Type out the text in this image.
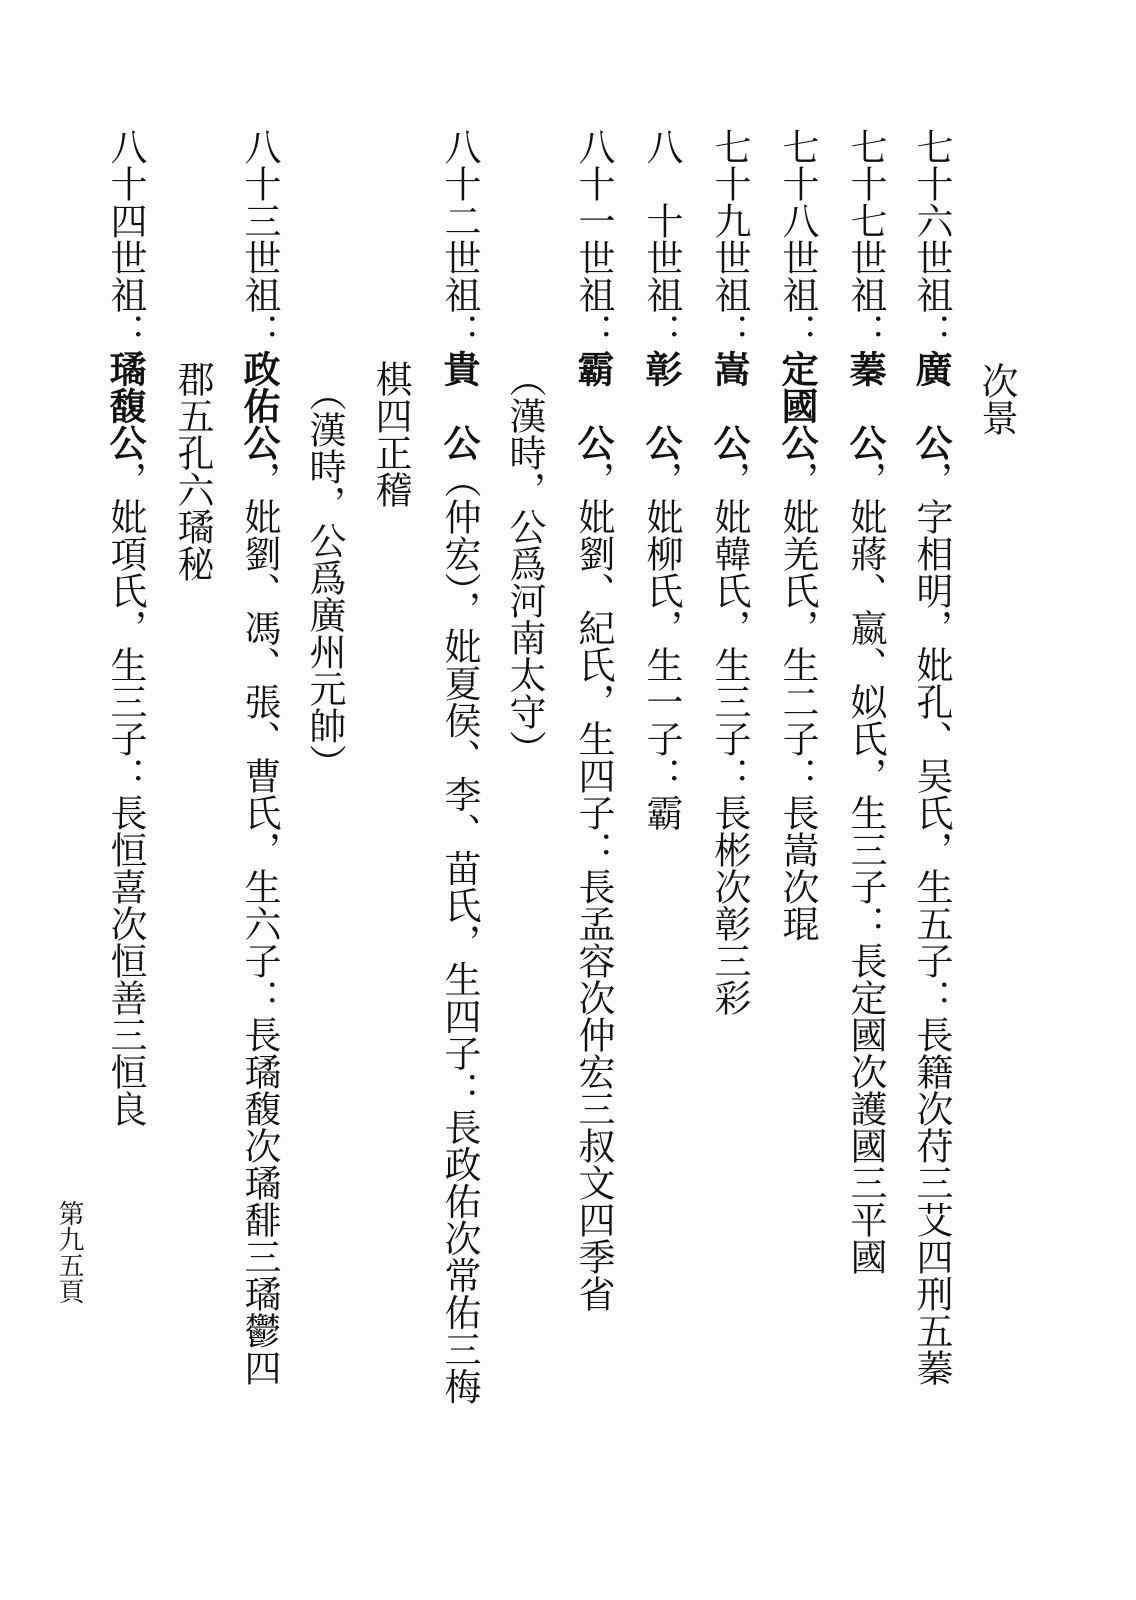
次景
七十六世祖：廣　公，字相明，妣孔、吴氏，生五子：長籍次苻三艾四刑五蓁
七十七世祖：蓁　公，妣蔣、嬴、姒氏，生三子：長定國次護國三平國
七十八世祖：定國公，妣羌氏，生二子：長嵩次琨
七十九世祖：嵩　公，妣韓氏，生三子：長彬次彰三彩
八　十世祖：彰　公，妣柳氏，生一子：霸
八十一世祖：霸　公，妣劉、紀氏，生四子：長孟容次仲宏三叔文四季省
（漢時，公爲河南太守）
八十二世祖：貴　公（仲宏），妣夏侯、李、苗氏，生四子：長政佑次常佑三梅
棋四正稽
（漢時，公爲廣州元帥）
八十三世祖：政佑公，妣劉、馮、張、曹氏，生六子：長璚馥次璚馡三璚鬱四
郡五孔六璚秘
八十四世祖：璚馥公，妣項氏，生三子：長恒喜次恒善三恒良
第九五頁
